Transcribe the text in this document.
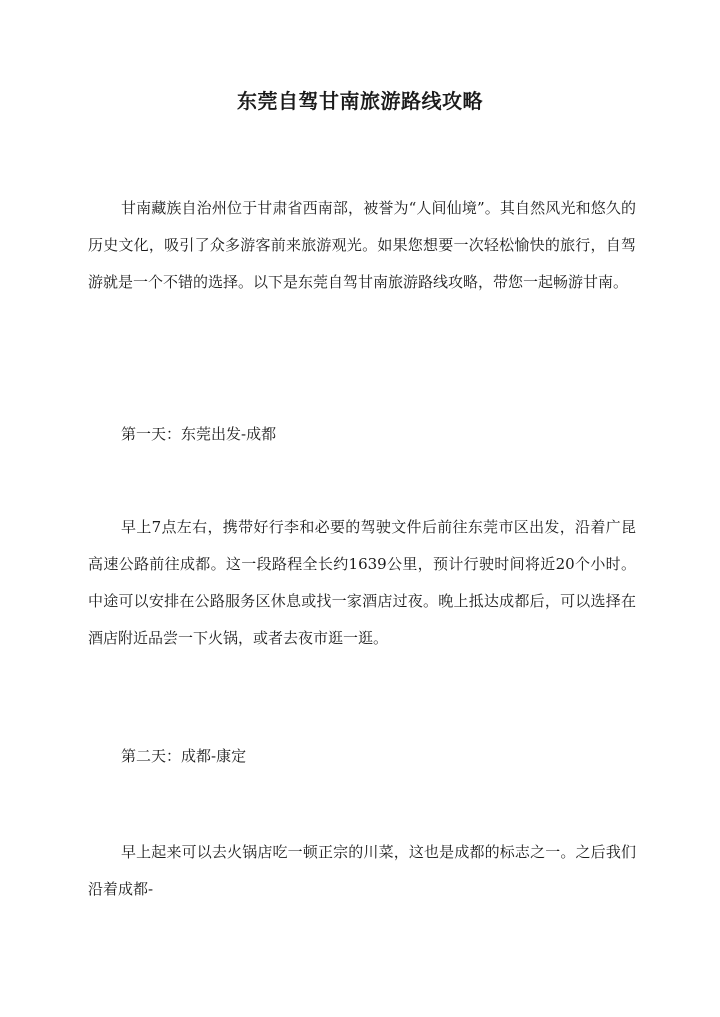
东莞自驾甘南旅游路线攻略

甘南藏族自治州位于甘肃省西南部，被誉为“人间仙境”。其自然风光和悠久的历史文化，吸引了众多游客前来旅游观光。如果您想要一次轻松愉快的旅行，自驾游就是一个不错的选择。以下是东莞自驾甘南旅游路线攻略，带您一起畅游甘南。

第一天：东莞出发-成都

早上7点左右，携带好行李和必要的驾驶文件后前往东莞市区出发，沿着广昆高速公路前往成都。这一段路程全长约1639公里，预计行驶时间将近20个小时。中途可以安排在公路服务区休息或找一家酒店过夜。晚上抵达成都后，可以选择在酒店附近品尝一下火锅，或者去夜市逛一逛。

第二天：成都-康定

早上起来可以去火锅店吃一顿正宗的川菜，这也是成都的标志之一。之后我们沿着成都-
